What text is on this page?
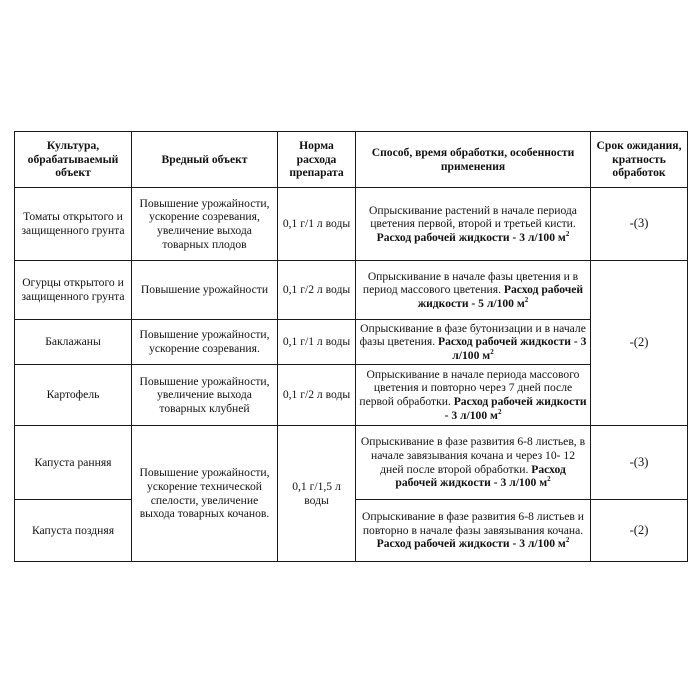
Культура, обрабатываемый объект	Вредный объект	Норма расхода препарата	Способ, время обработки, особенности применения	Срок ожидания, кратность обработок
Томаты открытого и защищенного грунта	Повышение урожайности, ускорение созревания, увеличение выхода товарных плодов	0,1 г/1 л воды	Опрыскивание растений в начале периода цветения первой, второй и третьей кисти. Расход рабочей жидкости - 3 л/100 $м^2$	-(3)
Огурцы открытого и защищенного грунта	Повышение урожайности	0,1 г/2 л воды	Опрыскивание в начале фазы цветения и в период массового цветения. Расход рабочей жидкости - 5 л/100 $м^2$	-(2)
Баклажаны	Повышение урожайности, ускорение созревания.	0,1 г/1 л воды	Опрыскивание в фазе бутонизации и в начале фазы цветения. Расход рабочей жидкости - 3 л/100 $м^2$
Картофель	Повышение урожайности, увеличение выхода товарных клубней	0,1 г/2 л воды	Опрыскивание в начале периода массового цветения и повторно через 7 дней после первой обработки. Расход рабочей жидкости - 3 л/100 $м^2$
Капуста ранняя	Повышение урожайности, ускорение технической спелости, увеличение выхода товарных кочанов.	0,1 г/1,5 л воды	Опрыскивание в фазе развития 6-8 листьев, в начале завязывания кочана и через 10- 12 дней после второй обработки. Расход рабочей жидкости - 3 л/100 $м^2$	-(3)
Капуста поздняя			Опрыскивание в фазе развития 6-8 листьев и повторно в начале фазы завязывания кочана. Расход рабочей жидкости - 3 л/100 $м^2$	-(2)
